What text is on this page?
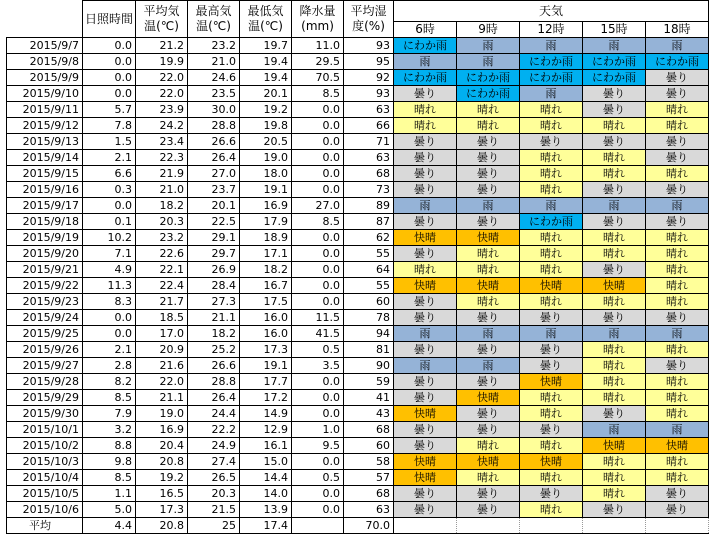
	日照時間	平均気温(℃)	最高気温(℃)	最低気温(℃)	降水量(mm)	平均湿度(%)	天気				
							6時	9時	12時	15時	18時
2015/9/7	0.0	21.2	23.2	19.7	11.0	93	にわか雨	雨	雨	雨	雨
2015/9/8	0.0	19.9	21.0	19.4	29.5	95	雨	雨	にわか雨	にわか雨	にわか雨
2015/9/9	0.0	22.0	24.6	19.4	70.5	92	にわか雨	にわか雨	にわか雨	にわか雨	曇り
2015/9/10	0.0	22.0	23.5	20.1	8.5	93	曇り	にわか雨	雨	曇り	曇り
2015/9/11	5.7	23.9	30.0	19.2	0.0	63	晴れ	晴れ	晴れ	曇り	晴れ
2015/9/12	7.8	24.2	28.8	19.8	0.0	66	晴れ	晴れ	晴れ	晴れ	晴れ
2015/9/13	1.5	23.4	26.6	20.5	0.0	71	曇り	曇り	曇り	曇り	曇り
2015/9/14	2.1	22.3	26.4	19.0	0.0	63	曇り	曇り	晴れ	晴れ	曇り
2015/9/15	6.6	21.9	27.0	18.0	0.0	68	曇り	曇り	晴れ	晴れ	晴れ
2015/9/16	0.3	21.0	23.7	19.1	0.0	73	曇り	曇り	晴れ	曇り	曇り
2015/9/17	0.0	18.2	20.1	16.9	27.0	89	雨	雨	雨	雨	雨
2015/9/18	0.1	20.3	22.5	17.9	8.5	87	曇り	曇り	にわか雨	曇り	曇り
2015/9/19	10.2	23.2	29.1	18.9	0.0	62	快晴	快晴	晴れ	晴れ	晴れ
2015/9/20	7.1	22.6	29.7	17.1	0.0	55	曇り	晴れ	晴れ	晴れ	晴れ
2015/9/21	4.9	22.1	26.9	18.2	0.0	64	晴れ	晴れ	晴れ	曇り	晴れ
2015/9/22	11.3	22.4	28.4	16.7	0.0	55	快晴	快晴	快晴	快晴	晴れ
2015/9/23	8.3	21.7	27.3	17.5	0.0	60	曇り	晴れ	晴れ	晴れ	晴れ
2015/9/24	0.0	18.5	21.1	16.0	11.5	78	曇り	曇り	曇り	曇り	曇り
2015/9/25	0.0	17.0	18.2	16.0	41.5	94	雨	雨	雨	雨	雨
2015/9/26	2.1	20.9	25.2	17.3	0.5	81	曇り	曇り	曇り	晴れ	晴れ
2015/9/27	2.8	21.6	26.6	19.1	3.5	90	雨	雨	曇り	晴れ	曇り
2015/9/28	8.2	22.0	28.8	17.7	0.0	59	曇り	曇り	快晴	晴れ	晴れ
2015/9/29	8.5	21.1	26.4	17.2	0.0	41	曇り	快晴	晴れ	晴れ	晴れ
2015/9/30	7.9	19.0	24.4	14.9	0.0	43	快晴	曇り	晴れ	曇り	晴れ
2015/10/1	3.2	16.9	22.2	12.9	1.0	68	曇り	曇り	曇り	雨	雨
2015/10/2	8.8	20.4	24.9	16.1	9.5	60	曇り	晴れ	晴れ	快晴	快晴
2015/10/3	9.8	20.8	27.4	15.0	0.0	58	快晴	快晴	快晴	晴れ	晴れ
2015/10/4	8.5	19.2	26.5	14.4	0.5	57	快晴	晴れ	晴れ	晴れ	晴れ
2015/10/5	1.1	16.5	20.3	14.0	0.0	68	曇り	曇り	曇り	晴れ	曇り
2015/10/6	5.0	17.3	21.5	13.9	0.0	63	曇り	曇り	晴れ	曇り	曇り
平均	4.4	20.8	25	17.4		70.0					
